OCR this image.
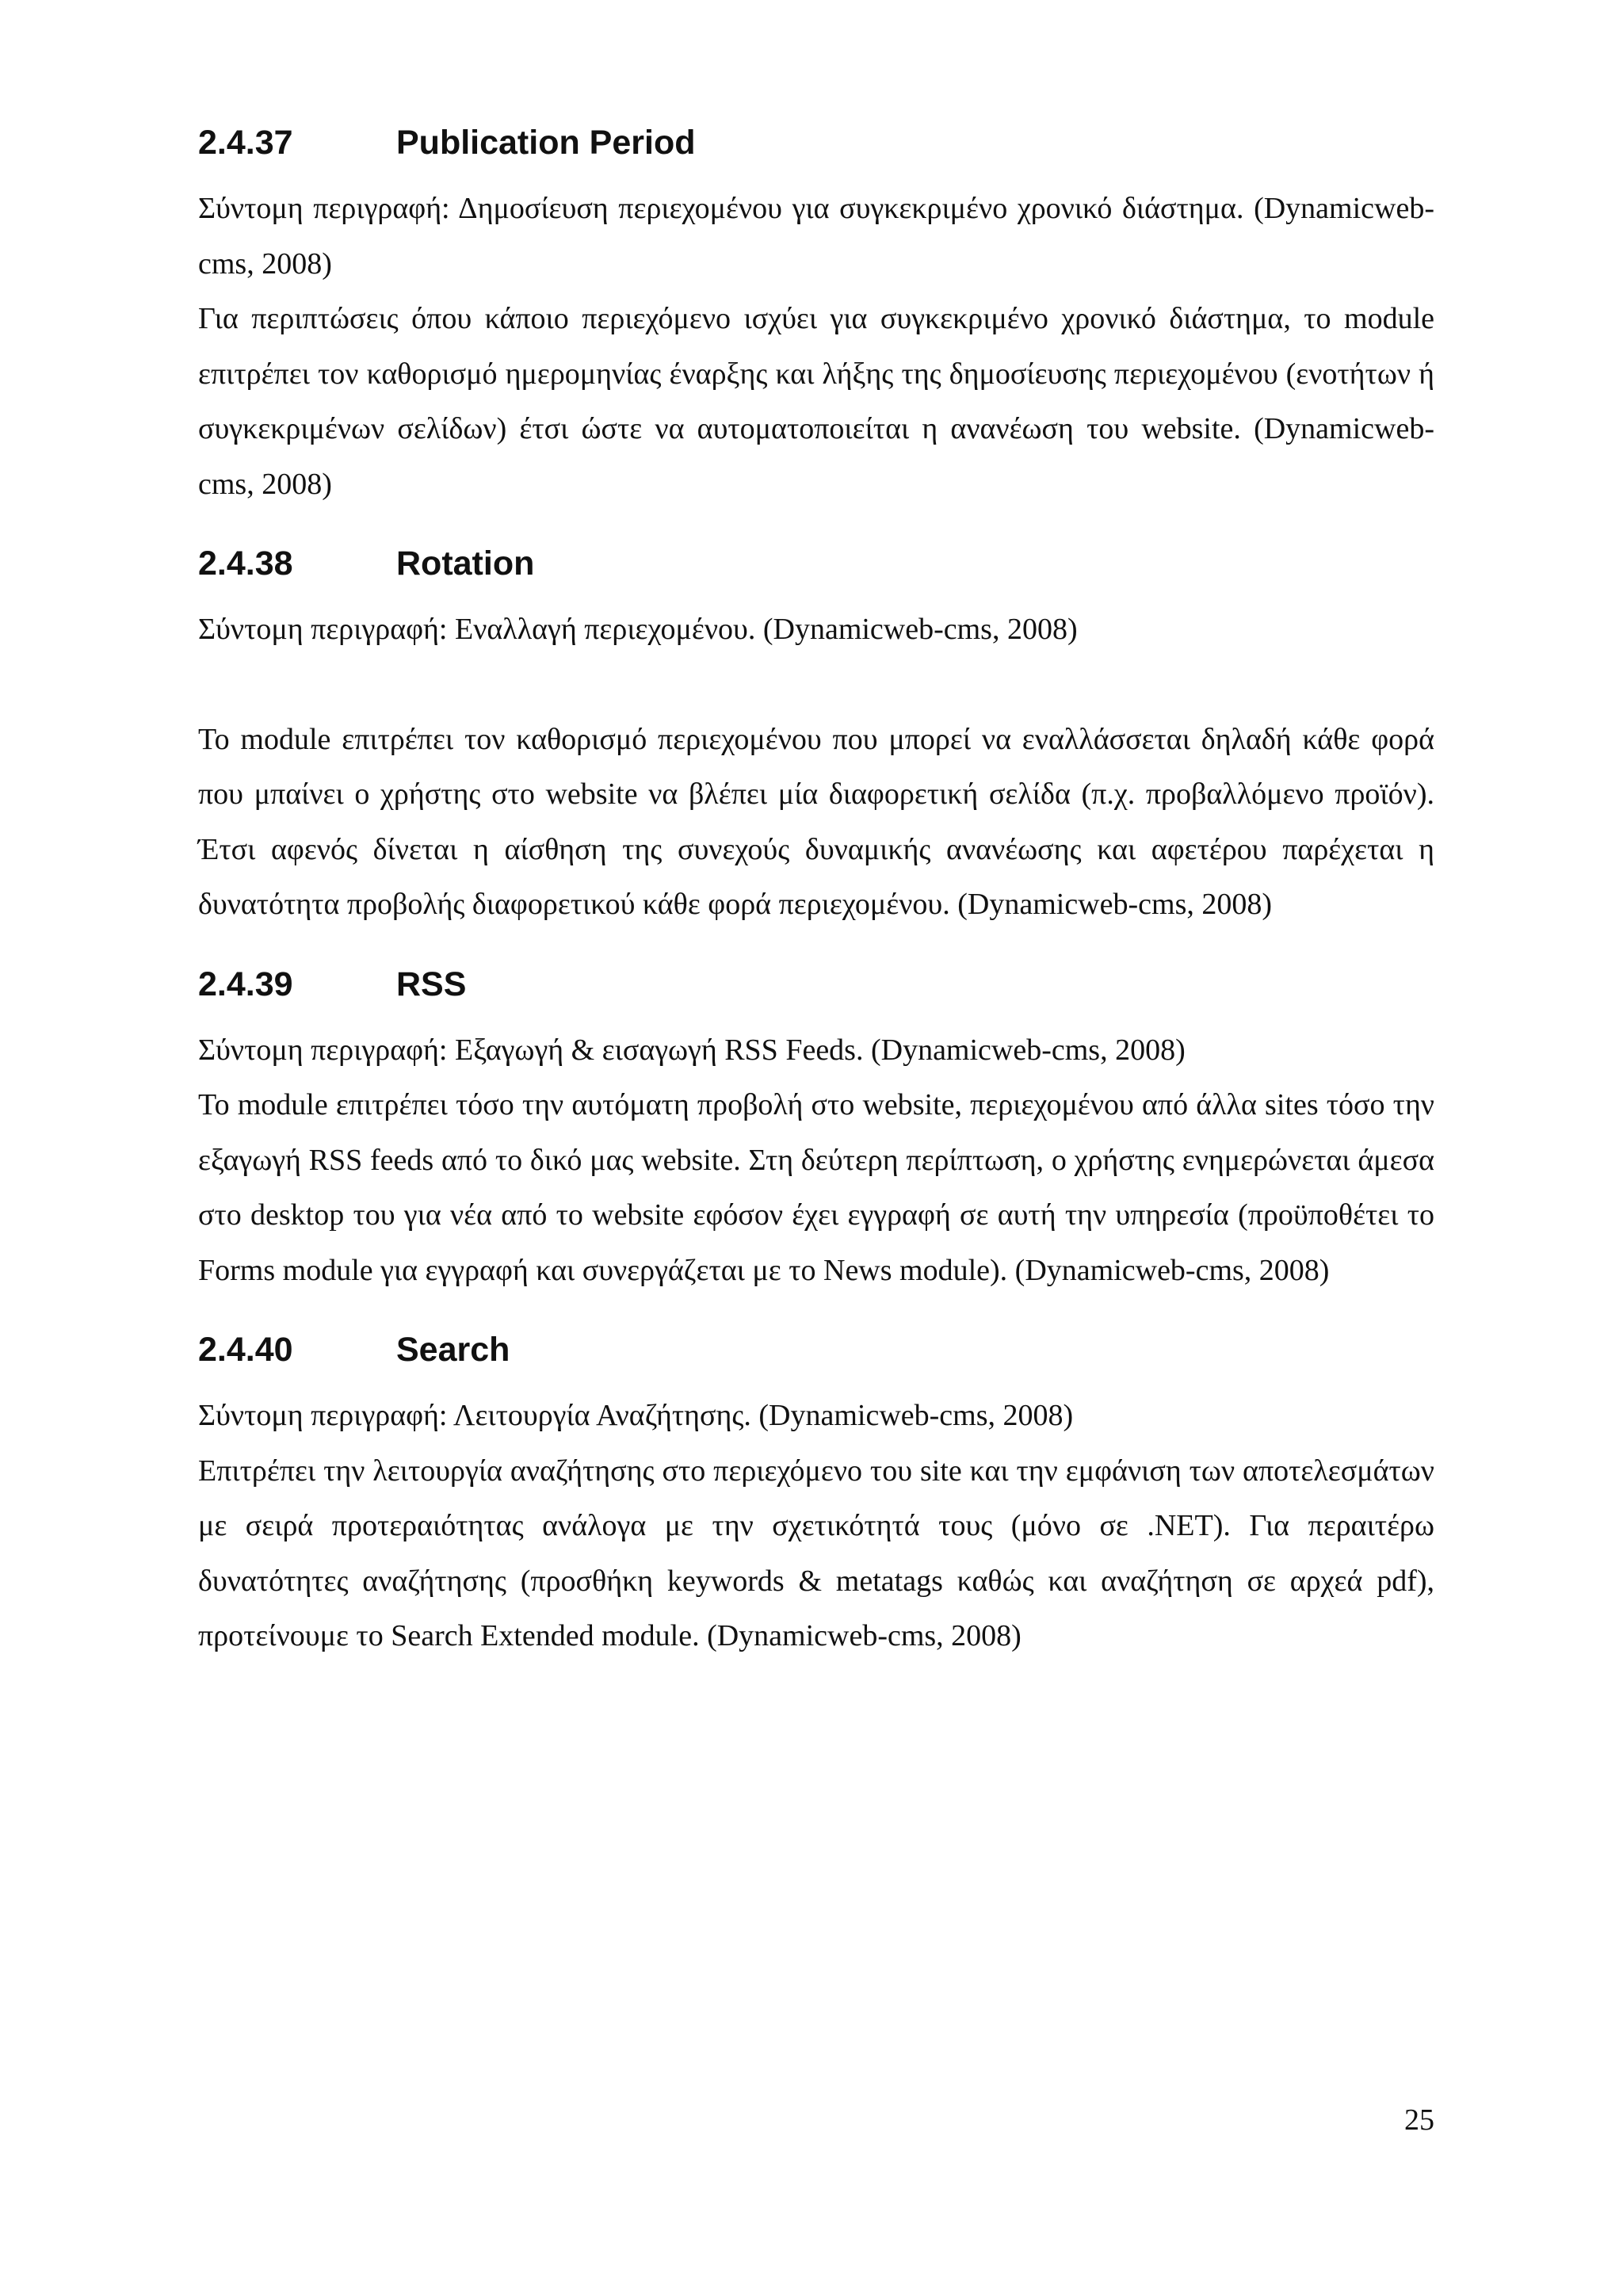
2.4.37	Publication Period

Σύντομη περιγραφή: Δημοσίευση περιεχομένου για συγκεκριμένο χρονικό διάστημα. (Dynamicweb-cms, 2008)

Για περιπτώσεις όπου κάποιο περιεχόμενο ισχύει για συγκεκριμένο χρονικό διάστημα, το module επιτρέπει τον καθορισμό ημερομηνίας έναρξης και λήξης της δημοσίευσης περιεχομένου (ενοτήτων ή συγκεκριμένων σελίδων) έτσι ώστε να αυτοματοποιείται η ανανέωση του website. (Dynamicweb-cms, 2008)

2.4.38	Rotation

Σύντομη περιγραφή: Εναλλαγή περιεχομένου. (Dynamicweb-cms, 2008)

Το module επιτρέπει τον καθορισμό περιεχομένου που μπορεί να εναλλάσσεται δηλαδή κάθε φορά που μπαίνει ο χρήστης στο website να βλέπει μία διαφορετική σελίδα (π.χ. προβαλλόμενο προϊόν). Έτσι αφενός δίνεται η αίσθηση της συνεχούς δυναμικής ανανέωσης και αφετέρου παρέχεται η δυνατότητα προβολής διαφορετικού κάθε φορά περιεχομένου. (Dynamicweb-cms, 2008)

2.4.39	RSS

Σύντομη περιγραφή: Εξαγωγή & εισαγωγή RSS Feeds. (Dynamicweb-cms, 2008)

Το module επιτρέπει τόσο την αυτόματη προβολή στο website, περιεχομένου από άλλα sites τόσο την εξαγωγή RSS feeds από το δικό μας website. Στη δεύτερη περίπτωση, ο χρήστης ενημερώνεται άμεσα στο desktop του για νέα από το website εφόσον έχει εγγραφή σε αυτή την υπηρεσία (προϋποθέτει το Forms module για εγγραφή και συνεργάζεται με το News module). (Dynamicweb-cms, 2008)

2.4.40	Search

Σύντομη περιγραφή: Λειτουργία Αναζήτησης. (Dynamicweb-cms, 2008)

Επιτρέπει την λειτουργία αναζήτησης στο περιεχόμενο του site και την εμφάνιση των αποτελεσμάτων με σειρά προτεραιότητας ανάλογα με την σχετικότητά τους (μόνο σε .NET). Για περαιτέρω δυνατότητες αναζήτησης (προσθήκη keywords & metatags καθώς και αναζήτηση σε αρχεά pdf), προτείνουμε το Search Extended module. (Dynamicweb-cms, 2008)

25
